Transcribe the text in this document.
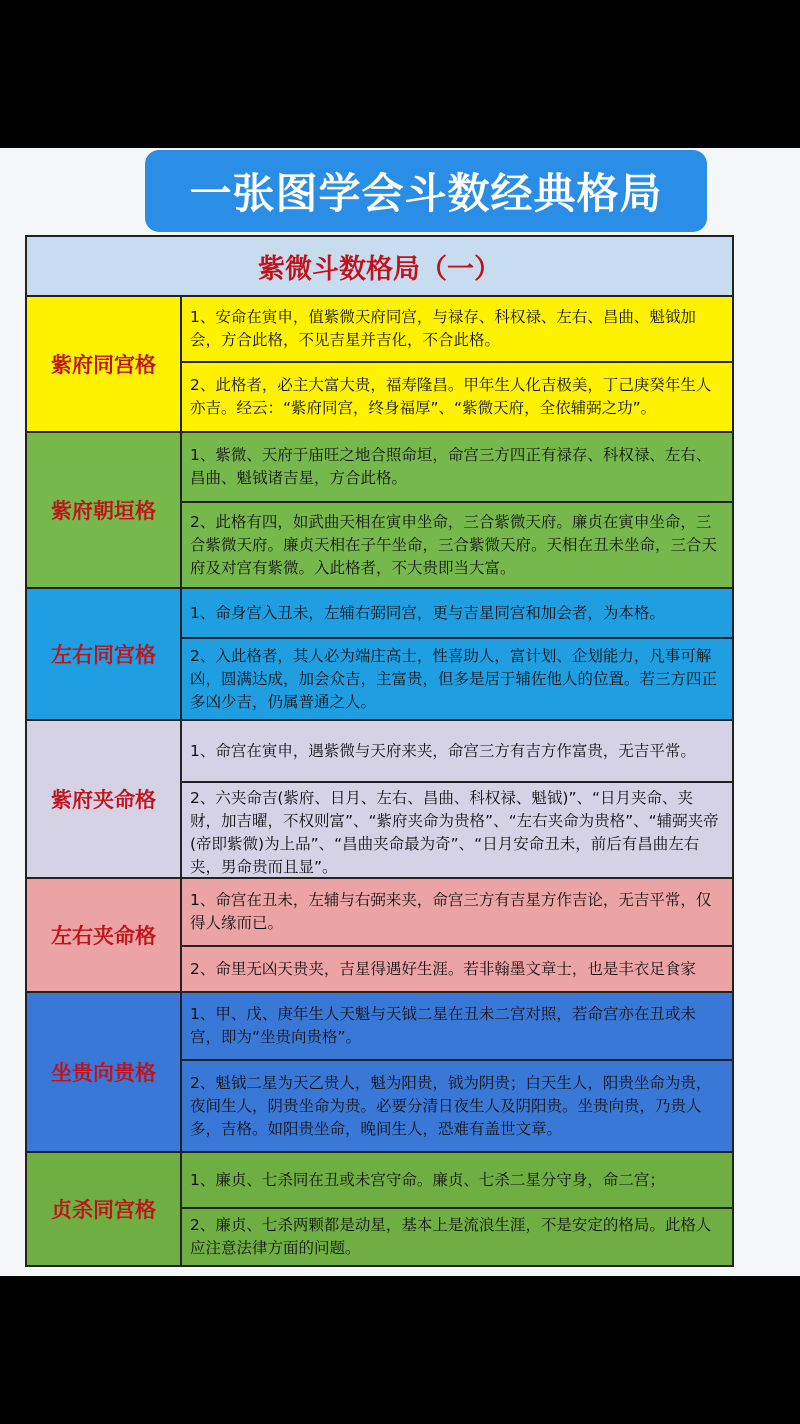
一张图学会斗数经典格局
紫微斗数格局（一）
紫府同宫格
1、安命在寅申，值紫微天府同宫，与禄存、科权禄、左右、昌曲、魁钺加会，方合此格，不见吉星并吉化，不合此格。
2、此格者，必主大富大贵，福寿隆昌。甲年生人化吉极美，丁己庚癸年生人亦吉。经云：“紫府同宫，终身福厚”、“紫微天府，全依辅弼之功”。
紫府朝垣格
1、紫微、天府于庙旺之地合照命垣，命宫三方四正有禄存、科权禄、左右、昌曲、魁钺诸吉星，方合此格。
2、此格有四，如武曲天相在寅申坐命，三合紫微天府。廉贞在寅申坐命，三合紫微天府。廉贞天相在子午坐命，三合紫微天府。天相在丑未坐命，三合天府及对宫有紫微。入此格者，不大贵即当大富。
左右同宫格
1、命身宫入丑未，左辅右弼同宫，更与吉星同宫和加会者，为本格。
2、入此格者，其人必为端庄高士，性喜助人，富计划、企划能力，凡事可解凶，圆满达成，加会众吉，主富贵，但多是居于辅佐他人的位置。若三方四正多凶少吉，仍属普通之人。
紫府夹命格
1、命宫在寅申，遇紫微与天府来夹，命宫三方有吉方作富贵，无吉平常。
2、六夹命吉(紫府、日月、左右、昌曲、科权禄、魁钺)”、“日月夹命、夹财，加吉曜，不权则富”、“紫府夹命为贵格”、“左右夹命为贵格”、“辅弼夹帝(帝即紫微)为上品”、“昌曲夹命最为奇”、“日月安命丑未，前后有昌曲左右夹，男命贵而且显”。
左右夹命格
1、命宫在丑未，左辅与右弼来夹，命宫三方有吉星方作吉论，无吉平常，仅得人缘而已。
2、命里无凶天贵夹，吉星得遇好生涯。若非翰墨文章士，也是丰衣足食家
坐贵向贵格
1、甲、戊、庚年生人天魁与天钺二星在丑未二宫对照，若命宫亦在丑或未宫，即为“坐贵向贵格”。
2、魁钺二星为天乙贵人，魁为阳贵，钺为阴贵；白天生人，阳贵坐命为贵，夜间生人，阴贵坐命为贵。必要分清日夜生人及阴阳贵。坐贵向贵，乃贵人多，吉格。如阳贵坐命，晚间生人，恐难有盖世文章。
贞杀同宫格
1、廉贞、七杀同在丑或未宫守命。廉贞、七杀二星分守身，命二宫；
2、廉贞、七杀两颗都是动星，基本上是流浪生涯，不是安定的格局。此格人应注意法律方面的问题。
